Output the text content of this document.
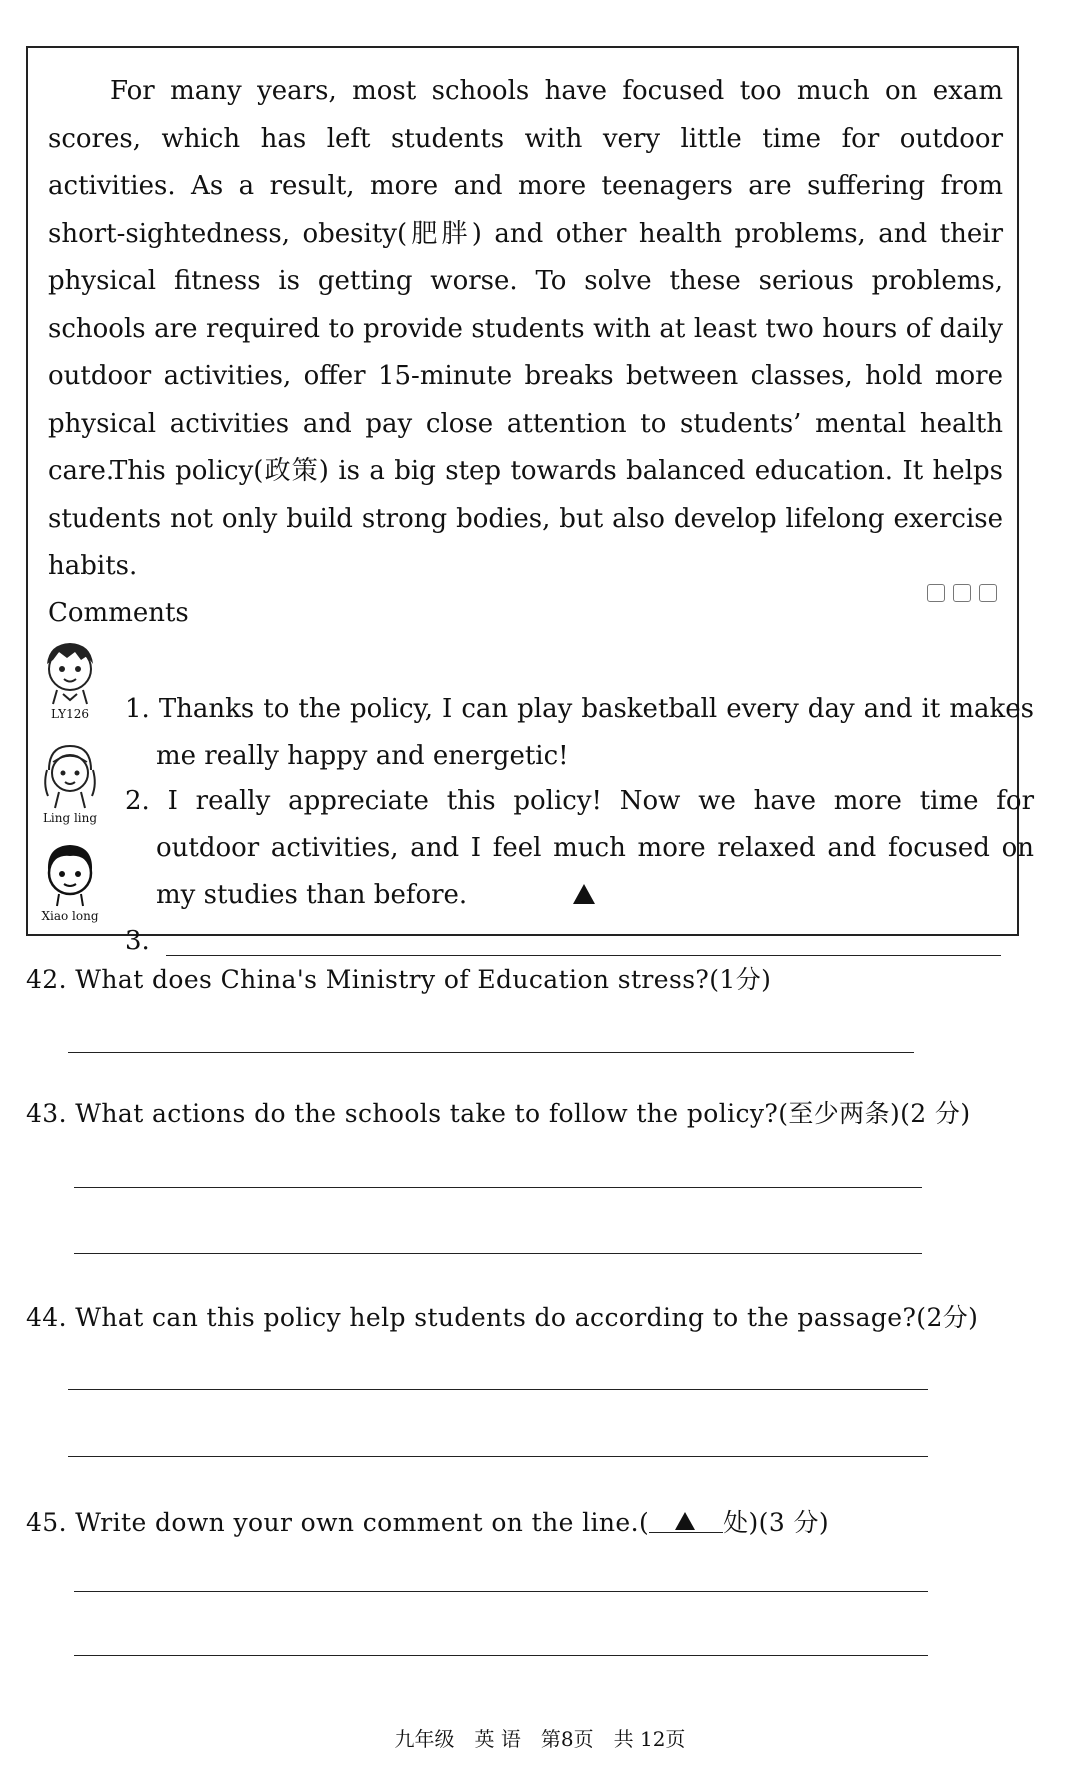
For many years, most schools have focused too much on exam scores, which has left students with very little time for outdoor activities. As a result, more and more teenagers are suffering from short-sightedness, obesity(肥胖) and other health problems, and their physical fitness is getting worse. To solve these serious problems, schools are required to provide students with at least two hours of daily outdoor activities, offer 15-minute breaks between classes, hold more physical activities and pay close attention to students’ mental health care.

This policy(政策) is a big step towards balanced education. It helps students not only build strong bodies, but also develop lifelong exercise habits.

Comments
LY126
Ling ling
Xiao long

1. Thanks to the policy, I can play basketball every day and it makes me really happy and energetic!

2. I really appreciate this policy! Now we have more time for outdoor activities, and I feel much more relaxed and focused on my studies than before.

3.

42. What does China's Ministry of Education stress?(1分)

43. What actions do the schools take to follow the policy?(至少两条)(2 分)

44. What can this policy help students do according to the passage?(2分)

45. Write down your own comment on the line.(	处)(3 分)

九年级　英 语　第8页　共 12页
